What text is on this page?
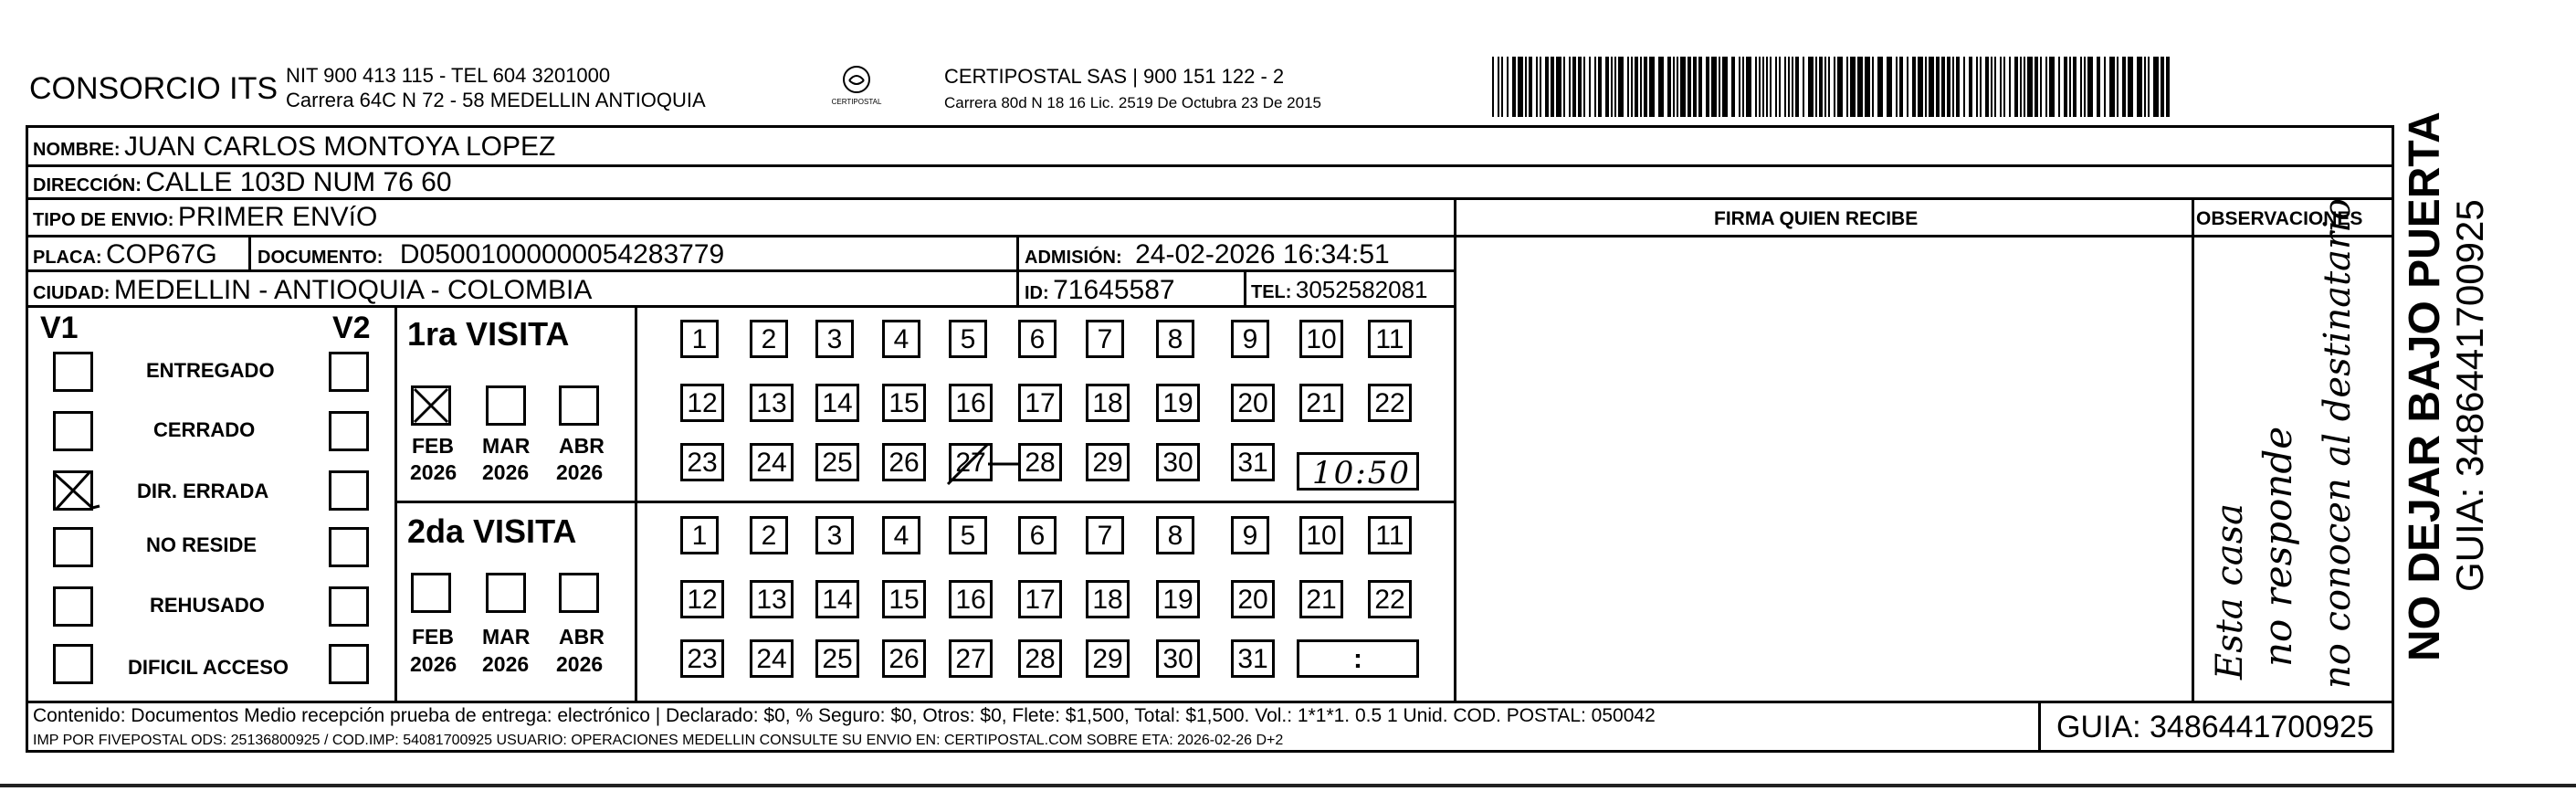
CONSORCIO ITS NIT 900 413 115 - TEL 604 3201000
Carrera 64C N 72 - 58 MEDELLIN ANTIOQUIA	CERTIPOSTAL
CERTIPOSTAL SAS | 900 151 122 - 2
Carrera 80d N 18 16 Lic. 2519 De Octubra 23 De 2015
NOMBRE: JUAN CARLOS MONTOYA LOPEZ
DIRECCIÓN: CALLE 103D NUM 76 60
TIPO DE ENVIO: PRIMER ENVíO	FIRMA QUIEN RECIBE	OBSERVACIONES
PLACA: COP67G DOCUMENTO: D05001000000054283779	ADMISIÓN: 24-02-2026 16:34:51
CIUDAD: MEDELLIN - ANTIOQUIA - COLOMBIA	ID: 71645587	TEL: 3052582081
V1	V2
ENTREGADO
CERRADO
DIR. ERRADA
NO RESIDE
REHUSADO
DIFICIL ACCESO
1ra VISITA
2da VISITA
FEB MAR ABR
2026 2026 2026
FEB MAR ABR
2026 2026 2026
1	2	3	4	5	6	7	8	9	10 11
12 13 14 15 16 17 18 19 20 21 22
23 24 25 26 27 28 29 30 31
1	2	3	4	5	6	7	8	9	10 11
12 13 14 15 16 17 18 19 20 21 22
23 24 25 26 27 28 29 30 31
10:50
:	Esta casa no responde no conocen al destinatario NO DEJAR BAJO PUERTA GUIA: 3486441700925
Contenido: Documentos Medio recepción prueba de entrega: electrónico | Declarado: $0, % Seguro: $0, Otros: $0, Flete: $1,500, Total: $1,500. Vol.: 1*1*1. 0.5 1 Unid. COD. POSTAL: 050042
IMP POR FIVEPOSTAL ODS: 25136800925 / COD.IMP: 54081700925 USUARIO: OPERACIONES MEDELLIN CONSULTE SU ENVIO EN: CERTIPOSTAL.COM SOBRE ETA: 2026-02-26 D+2	GUIA: 3486441700925
